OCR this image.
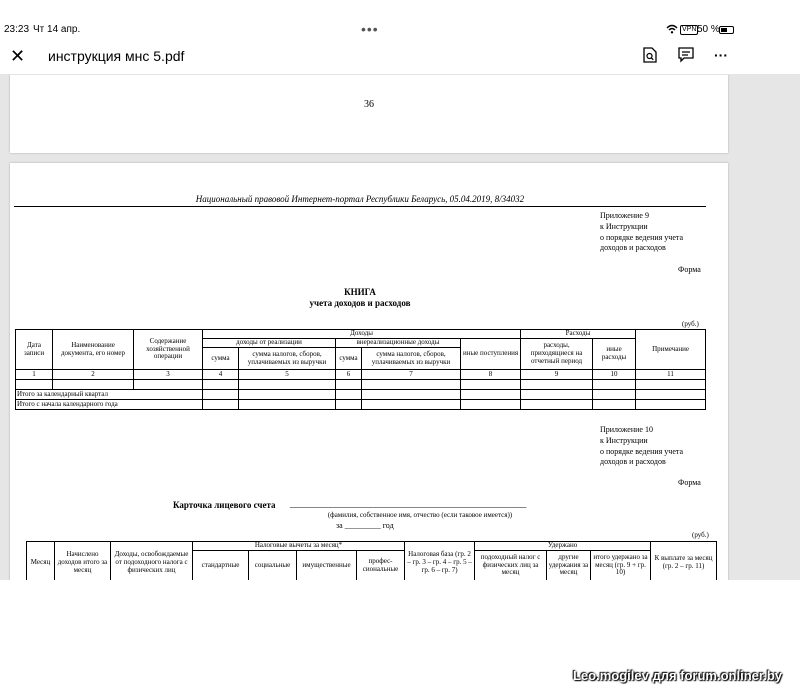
23:23 Чт 14 апр.	•••	VPN 50 %
✕ инструкция мнс 5.pdf	···
36
Национальный правовой Интернет-портал Республики Беларусь, 05.04.2019, 8/34032
Приложение 9
к Инструкции
о порядке ведения учета
доходов и расходов
Форма
КНИГА
учета доходов и расходов
(руб.)
Дата записи	Наименование документа, его номер	Содержание хозяйственной операции	Доходы					Расходы		Примечание
			доходы от реализации		внереализационные доходы		иные поступления	расходы, приходящиеся на отчетный период	иные расходы	
			сумма	сумма налогов, сборов, уплачиваемых из выручки	сумма	сумма налогов, сборов, уплачиваемых из выручки				
1	2	3	4	5	6	7	8	9	10	11

Итого за календарный квартал										
Итого с начала календарного года										
Приложение 10
к Инструкции
о порядке ведения учета
доходов и расходов
Форма
Карточка лицевого счета ___________________________________________________________
(фамилия, собственное имя, отчество (если таковое имеется))
за _________ год
(руб.)
Месяц	Начислено доходов итого за месяц	Доходы, освобождаемые от подоходного налога с физических лиц	Налоговые вычеты за месяц*				Налоговая база (гр. 2 – гр. 3 – гр. 4 – гр. 5 – гр. 6 – гр. 7)	Удержано			К выплате за месяц (гр. 2 – гр. 11)
			стандартные	социальные	имущественные	профес-сиональные		подоходный налог с физических лиц за месяц	другие удержания за месяц	итого удержано за месяц (гр. 9 + гр. 10)	

Leo.mogilev для forum.onliner.by
